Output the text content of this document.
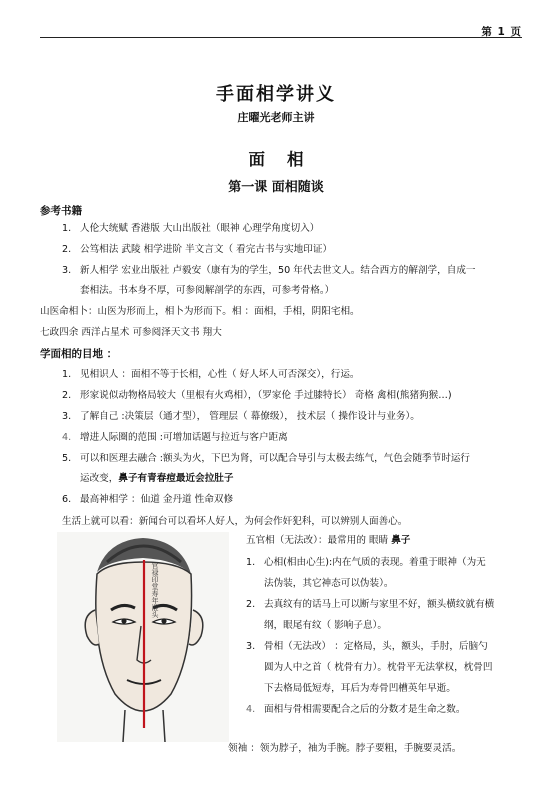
第 1 页
手面相学讲义
庄曜光老师主讲
面相
第一课 面相随谈
参考书籍
1. 人伦大统赋 香港版 大山出版社（眼神 心理学角度切入）
2. 公笃相法 武陵 相学进阶 半文言文（ 看完古书与实地印证）
3. 新人相学 宏业出版社 卢毅安（康有为的学生，50 年代去世文人。结合西方的解剖学，自成一
套相法。书本身不厚，可参阅解剖学的东西，可参考骨格。）
山医命相卜：山医为形而上，相卜为形而下。相 ：面相，手相，阴阳宅相。
七政四余 西洋占星术 可参阅泽天文书 翔大
学面相的目地 ：
1. 见相识人 ：面相不等于长相，心性（ 好人坏人可否深交），行运。
2. 形家说似动物格局较大（里根有火鸡相），（罗家伦 手过膝特长） 奇格 禽相(熊猪狗猴…)
3. 了解自己 :决策层（通才型）， 管理层（ 幕僚级）， 技术层（ 操作设计与业务）。
4. 增进人际圈的范围 :可增加话题与拉近与客户距离
5. 可以和医理去融合 :额头为火，下巴为肾，可以配合导引与太极去练气，气色会随季节时运行
运改变，鼻子有青春痘最近会拉肚子
6. 最高神相学 ：仙道 金丹道 性命双修
生活上就可以看：新闻台可以看坏人好人，为何会作奸犯科，可以辨别人面善心。
官禄印堂寿年准头
五官相（无法改）：最常用的 眼睛 鼻子
1. 心相(相由心生):内在气质的表现。着重于眼神（为无
法伪装，其它神态可以伪装）。
2. 去真纹有的话马上可以断与家里不好，额头横纹就有横
纲，眼尾有纹（ 影响子息）。
3. 骨相（无法改） ：定格局，头，额头，手肘，后脑勺
圆为人中之首（ 枕骨有力）。枕骨平无法掌权，枕骨凹
下去格局低短寿，耳后为寿骨凹槽英年早逝。
4. 面相与骨相需要配合之后的分数才是生命之数。
领袖 ：领为脖子，袖为手腕。脖子要粗，手腕要灵活。
